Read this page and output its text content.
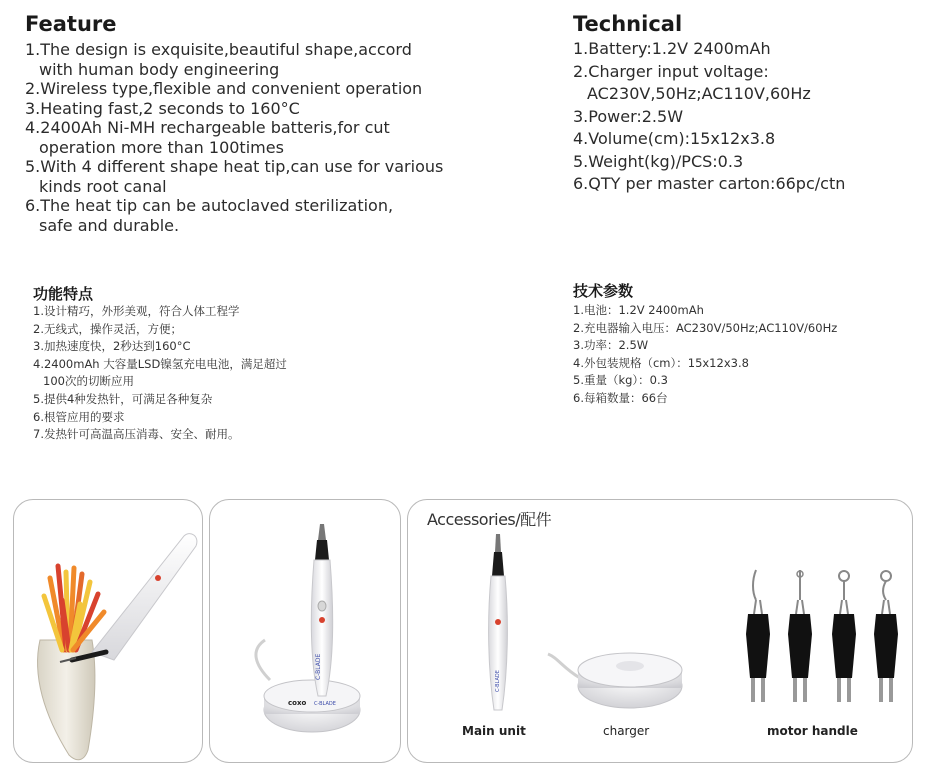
Feature
1.The design is exquisite,beautiful shape,accord
with human body engineering
2.Wireless type,flexible and convenient operation
3.Heating fast,2 seconds to 160°C
4.2400Ah Ni-MH rechargeable batteris,for cut
operation more than 100times
5.With 4 different shape heat tip,can use for various
kinds root canal
6.The heat tip can be autoclaved sterilization,
safe and durable.
Technical
1.Battery:1.2V 2400mAh
2.Charger input voltage:
AC230V,50Hz;AC110V,60Hz
3.Power:2.5W
4.Volume(cm):15x12x3.8
5.Weight(kg)/PCS:0.3
6.QTY per master carton:66pc/ctn
功能特点
1.设计精巧，外形美观，符合人体工程学
2.无线式，操作灵活，方便；
3.加热速度快，2秒达到160°C
4.2400mAh 大容量LSD镍氢充电电池，满足超过
100次的切断应用
5.提供4种发热针，可满足各种复杂
6.根管应用的要求
7.发热针可高温高压消毒、安全、耐用。
技术参数
1.电池：1.2V 2400mAh
2.充电器输入电压：AC230V/50Hz;AC110V/60Hz
3.功率：2.5W
4.外包装规格（cm）：15x12x3.8
5.重量（kg）：0.3
6.每箱数量：66台
C-BLADE
coxo C-BLADE
Accessories/配件
C-BLADE
Main unit	charger	motor handle
